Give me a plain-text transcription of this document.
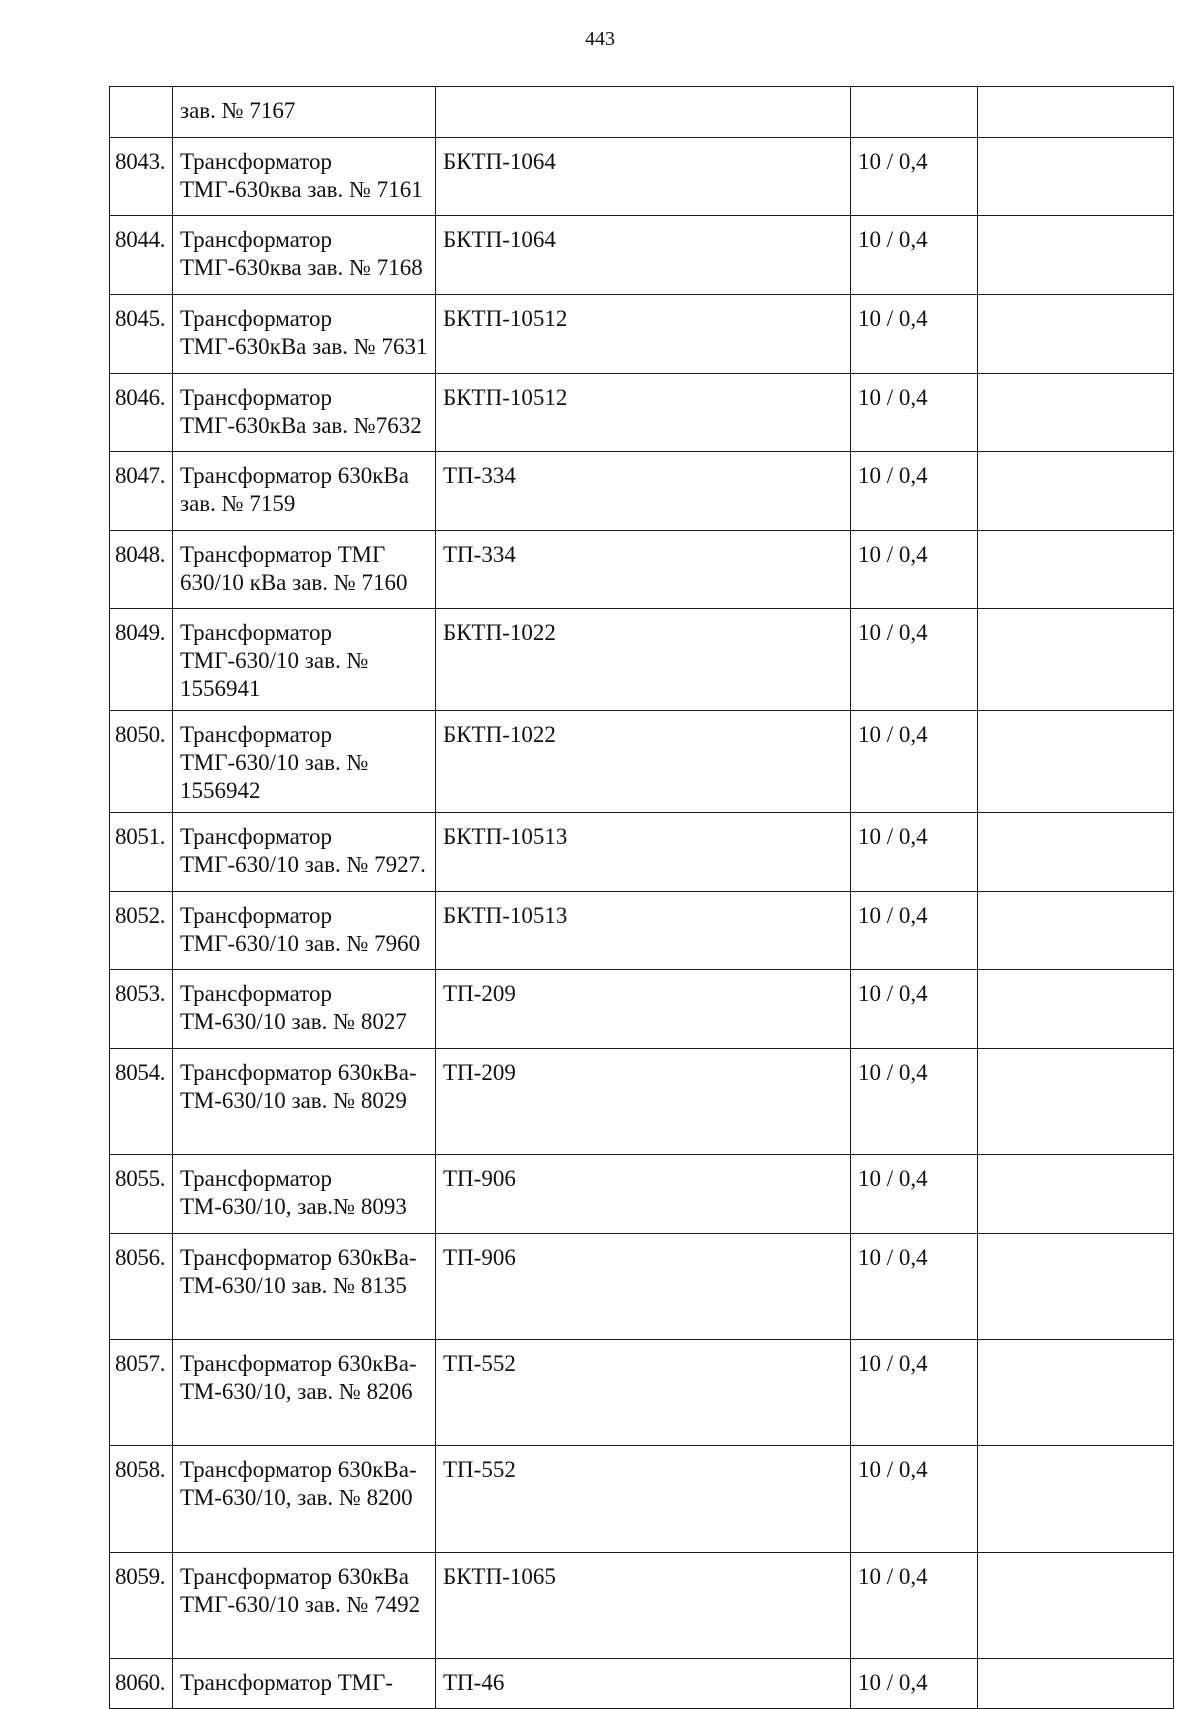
443
	зав. № 7167			
8043.	Трансформатор ТМГ-630ква зав. № 7161	БКТП-1064	10 / 0,4	
8044.	Трансформатор ТМГ-630ква зав. № 7168	БКТП-1064	10 / 0,4	
8045.	Трансформатор ТМГ-630кВа зав. № 7631	БКТП-10512	10 / 0,4	
8046.	Трансформатор ТМГ-630кВа зав. №7632	БКТП-10512	10 / 0,4	
8047.	Трансформатор 630кВа зав. № 7159	ТП-334	10 / 0,4	
8048.	Трансформатор ТМГ 630/10 кВа зав. № 7160	ТП-334	10 / 0,4	
8049.	Трансформатор ТМГ-630/10 зав. № 1556941	БКТП-1022	10 / 0,4	
8050.	Трансформатор ТМГ-630/10 зав. № 1556942	БКТП-1022	10 / 0,4	
8051.	Трансформатор ТМГ-630/10 зав. № 7927.	БКТП-10513	10 / 0,4	
8052.	Трансформатор ТМГ-630/10 зав. № 7960	БКТП-10513	10 / 0,4	
8053.	Трансформатор ТМ-630/10 зав. № 8027	ТП-209	10 / 0,4	
8054.	Трансформатор 630кВа-ТМ-630/10 зав. № 8029	ТП-209	10 / 0,4	
8055.	Трансформатор ТМ-630/10, зав.№ 8093	ТП-906	10 / 0,4	
8056.	Трансформатор 630кВа-ТМ-630/10 зав. № 8135	ТП-906	10 / 0,4	
8057.	Трансформатор 630кВа-ТМ-630/10, зав. № 8206	ТП-552	10 / 0,4	
8058.	Трансформатор 630кВа-ТМ-630/10, зав. № 8200	ТП-552	10 / 0,4	
8059.	Трансформатор 630кВа ТМГ-630/10 зав. № 7492	БКТП-1065	10 / 0,4	
8060.	Трансформатор ТМГ-	ТП-46	10 / 0,4	
